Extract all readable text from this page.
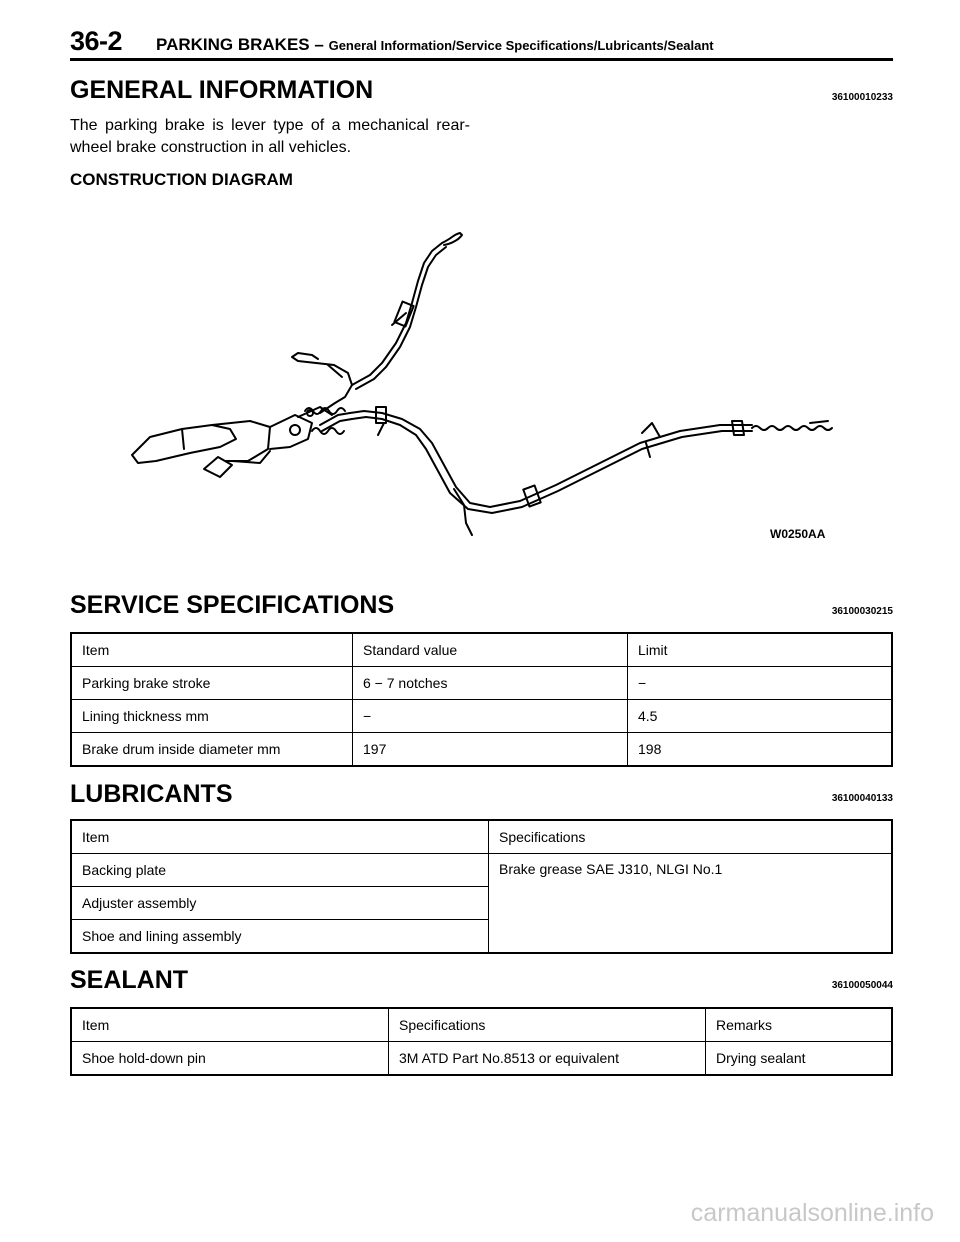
36-2 PARKING BRAKES – General Information/Service Specifications/Lubricants/Sealant
GENERAL INFORMATION	36100010233

The parking brake is lever type of a mechanical rear-wheel brake construction in all vehicles.

CONSTRUCTION DIAGRAM
W0250AA
SERVICE SPECIFICATIONS	36100030215
Item	Standard value	Limit
Parking brake stroke	6 − 7 notches	−
Lining thickness mm	−	4.5
Brake drum inside diameter mm	197	198
LUBRICANTS	36100040133
Item	Specifications
Backing plate	Brake grease SAE J310, NLGI No.1
Adjuster assembly	
Shoe and lining assembly	
SEALANT	36100050044
Item	Specifications	Remarks
Shoe hold-down pin	3M ATD Part No.8513 or equivalent	Drying sealant
carmanualsonline.info
